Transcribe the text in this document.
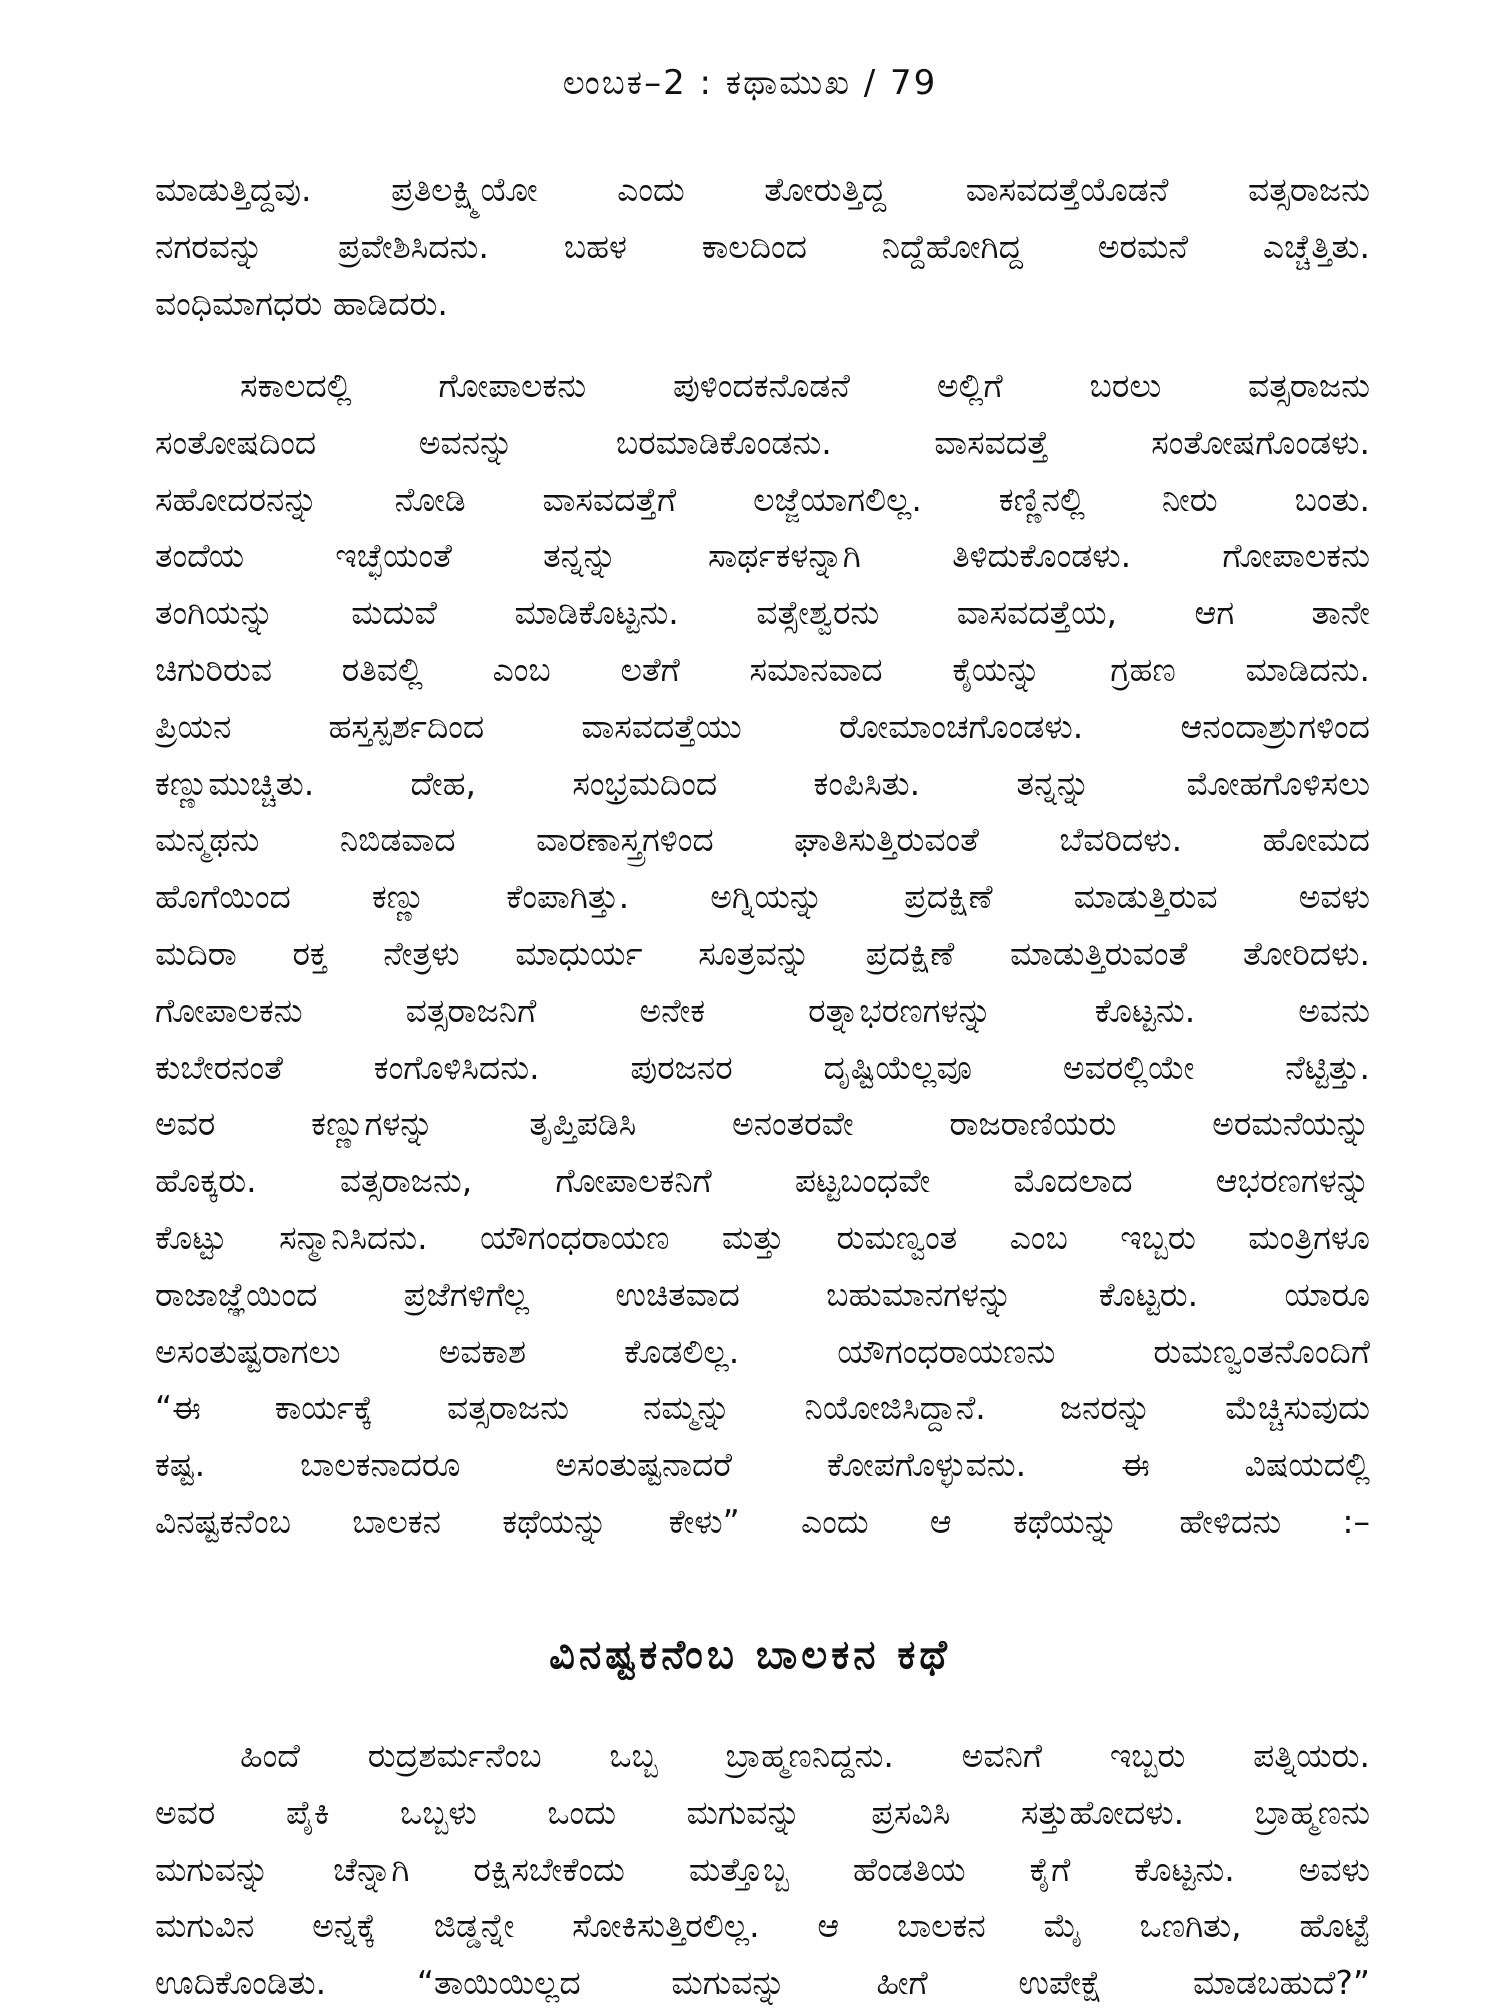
ಲಂಬಕ–2 : ಕಥಾಮುಖ / 79
ಮಾಡುತ್ತಿದ್ದವು. ಪ್ರತಿಲಕ್ಷ್ಮಿಯೋ ಎಂದು ತೋರುತ್ತಿದ್ದ ವಾಸವದತ್ತೆಯೊಡನೆ ವತ್ಸರಾಜನು
ನಗರವನ್ನು ಪ್ರವೇಶಿಸಿದನು. ಬಹಳ ಕಾಲದಿಂದ ನಿದ್ದೆಹೋಗಿದ್ದ ಅರಮನೆ ಎಚ್ಚೆತ್ತಿತು.
ವಂಧಿಮಾಗಧರು ಹಾಡಿದರು.
ಸಕಾಲದಲ್ಲಿ ಗೋಪಾಲಕನು ಪುಳಿಂದಕನೊಡನೆ ಅಲ್ಲಿಗೆ ಬರಲು ವತ್ಸರಾಜನು
ಸಂತೋಷದಿಂದ ಅವನನ್ನು ಬರಮಾಡಿಕೊಂಡನು. ವಾಸವದತ್ತೆ ಸಂತೋಷಗೊಂಡಳು.
ಸಹೋದರನನ್ನು ನೋಡಿ ವಾಸವದತ್ತೆಗೆ ಲಜ್ಜೆಯಾಗಲಿಲ್ಲ. ಕಣ್ಣಿನಲ್ಲಿ ನೀರು ಬಂತು.
ತಂದೆಯ ಇಚ್ಛೆಯಂತೆ ತನ್ನನ್ನು ಸಾರ್ಥಕಳನ್ನಾಗಿ ತಿಳಿದುಕೊಂಡಳು. ಗೋಪಾಲಕನು
ತಂಗಿಯನ್ನು ಮದುವೆ ಮಾಡಿಕೊಟ್ಟನು. ವತ್ಸೇಶ್ವರನು ವಾಸವದತ್ತೆಯ, ಆಗ ತಾನೇ
ಚಿಗುರಿರುವ ರತಿವಲ್ಲಿ ಎಂಬ ಲತೆಗೆ ಸಮಾನವಾದ ಕೈಯನ್ನು ಗ್ರಹಣ ಮಾಡಿದನು.
ಪ್ರಿಯನ ಹಸ್ತಸ್ಪರ್ಶದಿಂದ ವಾಸವದತ್ತೆಯು ರೋಮಾಂಚಗೊಂಡಳು. ಆನಂದಾಶ್ರುಗಳಿಂದ
ಕಣ್ಣುಮುಚ್ಚಿತು. ದೇಹ, ಸಂಭ್ರಮದಿಂದ ಕಂಪಿಸಿತು. ತನ್ನನ್ನು ಮೋಹಗೊಳಿಸಲು
ಮನ್ಮಥನು ನಿಬಿಡವಾದ ವಾರಣಾಸ್ತ್ರಗಳಿಂದ ಘಾತಿಸುತ್ತಿರುವಂತೆ ಬೆವರಿದಳು. ಹೋಮದ
ಹೊಗೆಯಿಂದ ಕಣ್ಣು ಕೆಂಪಾಗಿತ್ತು. ಅಗ್ನಿಯನ್ನು ಪ್ರದಕ್ಷಿಣೆ ಮಾಡುತ್ತಿರುವ ಅವಳು
ಮದಿರಾ ರಕ್ತ ನೇತ್ರಳು ಮಾಧುರ್ಯ ಸೂತ್ರವನ್ನು ಪ್ರದಕ್ಷಿಣೆ ಮಾಡುತ್ತಿರುವಂತೆ ತೋರಿದಳು.
ಗೋಪಾಲಕನು ವತ್ಸರಾಜನಿಗೆ ಅನೇಕ ರತ್ನಾಭರಣಗಳನ್ನು ಕೊಟ್ಟನು. ಅವನು
ಕುಬೇರನಂತೆ ಕಂಗೊಳಿಸಿದನು. ಪುರಜನರ ದೃಷ್ಟಿಯೆಲ್ಲವೂ ಅವರಲ್ಲಿಯೇ ನೆಟ್ಟಿತ್ತು.
ಅವರ ಕಣ್ಣುಗಳನ್ನು ತೃಪ್ತಿಪಡಿಸಿ ಅನಂತರವೇ ರಾಜರಾಣಿಯರು ಅರಮನೆಯನ್ನು
ಹೊಕ್ಕರು. ವತ್ಸರಾಜನು, ಗೋಪಾಲಕನಿಗೆ ಪಟ್ಟಬಂಧವೇ ಮೊದಲಾದ ಆಭರಣಗಳನ್ನು
ಕೊಟ್ಟು ಸನ್ಮಾನಿಸಿದನು. ಯೌಗಂಧರಾಯಣ ಮತ್ತು ರುಮಣ್ವಂತ ಎಂಬ ಇಬ್ಬರು ಮಂತ್ರಿಗಳೂ
ರಾಜಾಜ್ಞೆಯಿಂದ ಪ್ರಜೆಗಳಿಗೆಲ್ಲ ಉಚಿತವಾದ ಬಹುಮಾನಗಳನ್ನು ಕೊಟ್ಟರು. ಯಾರೂ
ಅಸಂತುಷ್ಟರಾಗಲು ಅವಕಾಶ ಕೊಡಲಿಲ್ಲ. ಯೌಗಂಧರಾಯಣನು ರುಮಣ್ವಂತನೊಂದಿಗೆ
“ಈ ಕಾರ್ಯಕ್ಕೆ ವತ್ಸರಾಜನು ನಮ್ಮನ್ನು ನಿಯೋಜಿಸಿದ್ದಾನೆ. ಜನರನ್ನು ಮೆಚ್ಚಿಸುವುದು
ಕಷ್ಟ. ಬಾಲಕನಾದರೂ ಅಸಂತುಷ್ಟನಾದರೆ ಕೋಪಗೊಳ್ಳುವನು. ಈ ವಿಷಯದಲ್ಲಿ
ವಿನಷ್ಟಕನೆಂಬ ಬಾಲಕನ ಕಥೆಯನ್ನು ಕೇಳು” ಎಂದು ಆ ಕಥೆಯನ್ನು ಹೇಳಿದನು :–
ವಿನಷ್ಟಕನೆಂಬ ಬಾಲಕನ ಕಥೆ
ಹಿಂದೆ ರುದ್ರಶರ್ಮನೆಂಬ ಒಬ್ಬ ಬ್ರಾಹ್ಮಣನಿದ್ದನು. ಅವನಿಗೆ ಇಬ್ಬರು ಪತ್ನಿಯರು.
ಅವರ ಪೈಕಿ ಒಬ್ಬಳು ಒಂದು ಮಗುವನ್ನು ಪ್ರಸವಿಸಿ ಸತ್ತುಹೋದಳು. ಬ್ರಾಹ್ಮಣನು
ಮಗುವನ್ನು ಚೆನ್ನಾಗಿ ರಕ್ಷಿಸಬೇಕೆಂದು ಮತ್ತೊಬ್ಬ ಹೆಂಡತಿಯ ಕೈಗೆ ಕೊಟ್ಟನು. ಅವಳು
ಮಗುವಿನ ಅನ್ನಕ್ಕೆ ಜಿಡ್ಡನ್ನೇ ಸೋಕಿಸುತ್ತಿರಲಿಲ್ಲ. ಆ ಬಾಲಕನ ಮೈ ಒಣಗಿತು, ಹೊಟ್ಟೆ
ಊದಿಕೊಂಡಿತು. “ತಾಯಿಯಿಲ್ಲದ ಮಗುವನ್ನು ಹೀಗೆ ಉಪೇಕ್ಷೆ ಮಾಡಬಹುದೆ?”
